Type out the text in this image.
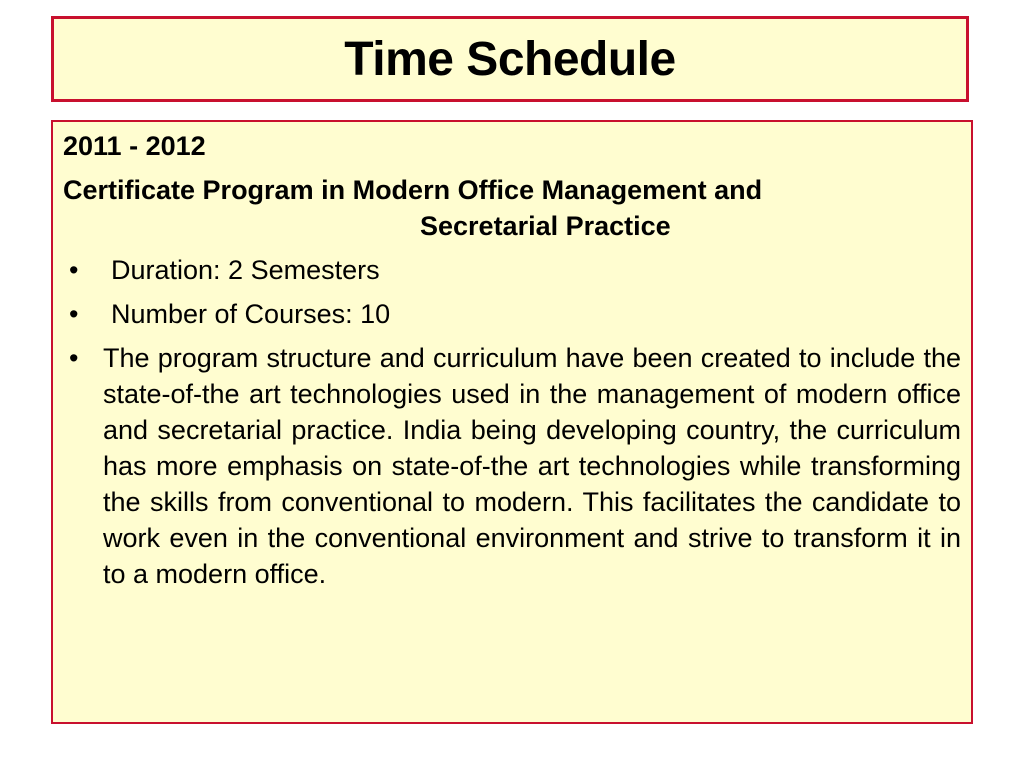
Time Schedule
2011 - 2012
Certificate Program in Modern Office Management and
Secretarial Practice
• Duration: 2 Semesters
• Number of Courses: 10
• The program structure and curriculum have been created to include the state-of-the art technologies used in the management of modern office and secretarial practice. India being developing country, the curriculum has more emphasis on state-of-the art technologies while transforming the skills from conventional to modern. This facilitates the candidate to work even in the conventional environment and strive to transform it in to a modern office.
